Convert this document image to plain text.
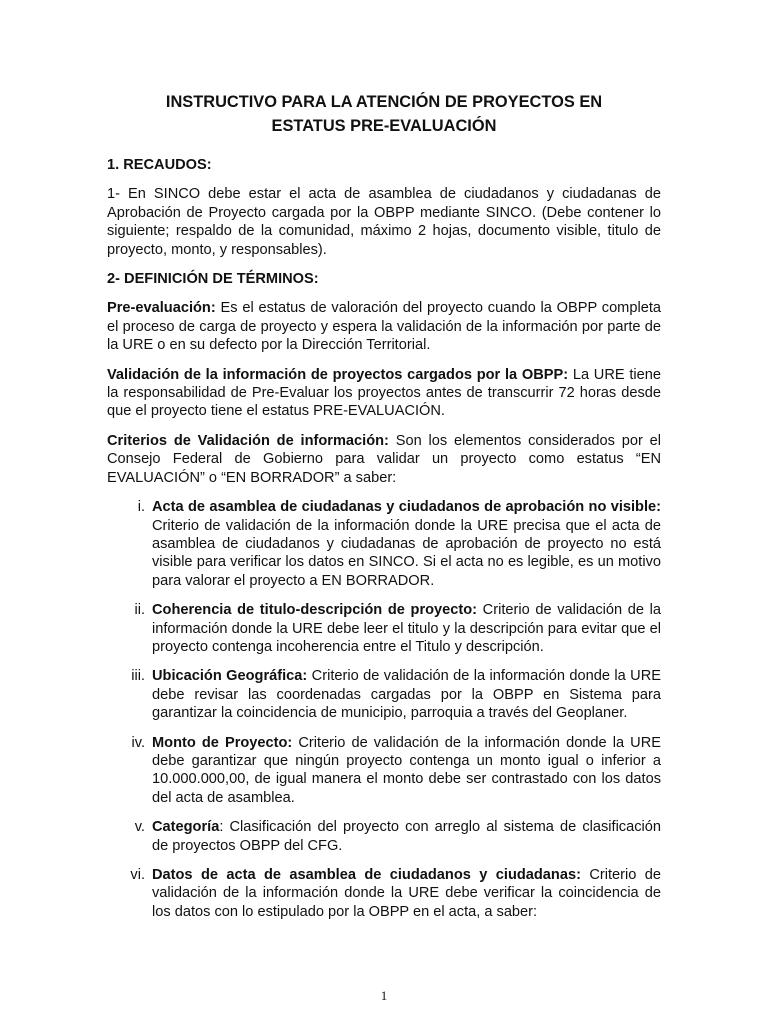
INSTRUCTIVO PARA LA ATENCIÓN DE PROYECTOS EN
ESTATUS PRE-EVALUACIÓN

1. RECAUDOS:

1- En SINCO debe estar el acta de asamblea de ciudadanos y ciudadanas de Aprobación de Proyecto cargada por la OBPP mediante SINCO. (Debe contener lo siguiente; respaldo de la comunidad, máximo 2 hojas, documento visible, titulo de proyecto, monto, y responsables).

2- DEFINICIÓN DE TÉRMINOS:

Pre-evaluación: Es el estatus de valoración del proyecto cuando la OBPP completa el proceso de carga de proyecto y espera la validación de la información por parte de la URE o en su defecto por la Dirección Territorial.

Validación de la información de proyectos cargados por la OBPP: La URE tiene la responsabilidad de Pre-Evaluar los proyectos antes de transcurrir 72 horas desde que el proyecto tiene el estatus PRE-EVALUACIÓN.

Criterios de Validación de información: Son los elementos considerados por el Consejo Federal de Gobierno para validar un proyecto como estatus “EN EVALUACIÓN” o “EN BORRADOR” a saber:

i. Acta de asamblea de ciudadanas y ciudadanos de aprobación no visible: Criterio de validación de la información donde la URE precisa que el acta de asamblea de ciudadanos y ciudadanas de aprobación de proyecto no está visible para verificar los datos en SINCO. Si el acta no es legible, es un motivo para valorar el proyecto a EN BORRADOR.
ii. Coherencia de titulo-descripción de proyecto: Criterio de validación de la información donde la URE debe leer el titulo y la descripción para evitar que el proyecto contenga incoherencia entre el Titulo y descripción.
iii. Ubicación Geográfica: Criterio de validación de la información donde la URE debe revisar las coordenadas cargadas por la OBPP en Sistema para garantizar la coincidencia de municipio, parroquia a través del Geoplaner.
iv. Monto de Proyecto: Criterio de validación de la información donde la URE debe garantizar que ningún proyecto contenga un monto igual o inferior a 10.000.000,00, de igual manera el monto debe ser contrastado con los datos del acta de asamblea.
v. Categoría: Clasificación del proyecto con arreglo al sistema de clasificación de proyectos OBPP del CFG.
vi. Datos de acta de asamblea de ciudadanos y ciudadanas: Criterio de validación de la información donde la URE debe verificar la coincidencia de los datos con lo estipulado por la OBPP en el acta, a saber:
1
